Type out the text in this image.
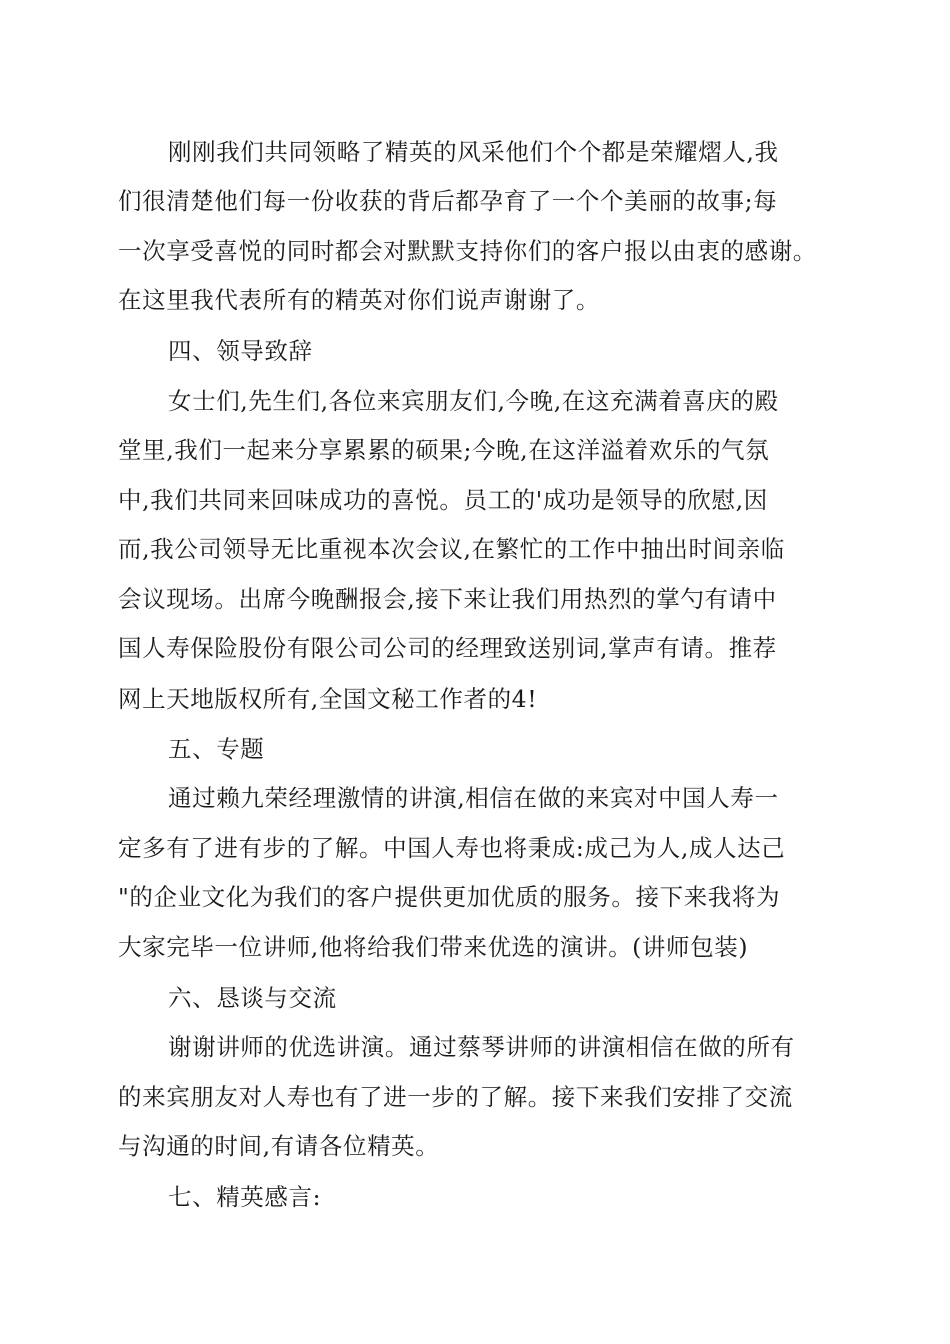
刚刚我们共同领略了精英的风采他们个个都是荣耀熠人,我
们很清楚他们每一份收获的背后都孕育了一个个美丽的故事;每
一次享受喜悦的同时都会对默默支持你们的客户报以由衷的感谢。
在这里我代表所有的精英对你们说声谢谢了。
四、领导致辞
女士们,先生们,各位来宾朋友们,今晚,在这充满着喜庆的殿
堂里,我们一起来分享累累的硕果;今晚,在这洋溢着欢乐的气氛
中,我们共同来回味成功的喜悦。员工的'成功是领导的欣慰,因
而,我公司领导无比重视本次会议,在繁忙的工作中抽出时间亲临
会议现场。出席今晚酬报会,接下来让我们用热烈的掌勺有请中
国人寿保险股份有限公司公司的经理致送别词,掌声有请。推荐
网上天地版权所有,全国文秘工作者的4!
五、专题
通过赖九荣经理激情的讲演,相信在做的来宾对中国人寿一
定多有了进有步的了解。中国人寿也将秉成:成己为人,成人达己
"的企业文化为我们的客户提供更加优质的服务。接下来我将为
大家完毕一位讲师,他将给我们带来优选的演讲。(讲师包装)
六、恳谈与交流
谢谢讲师的优选讲演。通过蔡琴讲师的讲演相信在做的所有
的来宾朋友对人寿也有了进一步的了解。接下来我们安排了交流
与沟通的时间,有请各位精英。
七、精英感言:
